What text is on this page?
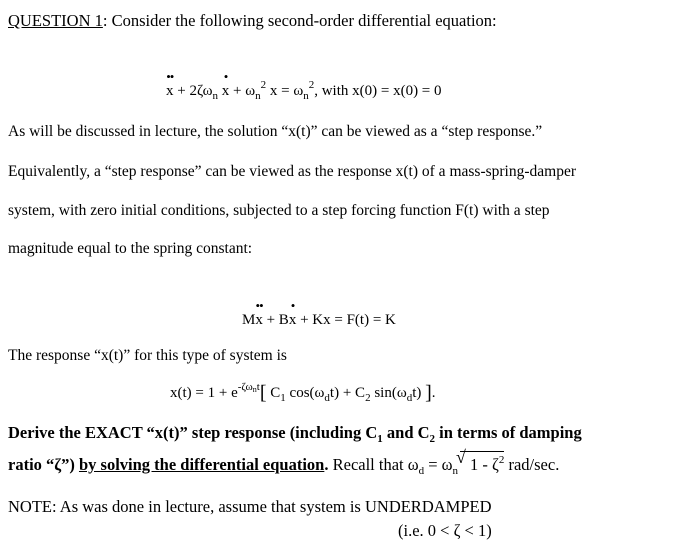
QUESTION 1: Consider the following second-order differential equation:
••
$x + 2\zeta\omega_n$
•
$x + \omega_n^2$ $x = \omega_n^2$, with x(0) = x(0) = 0
As will be discussed in lecture, the solution “x(t)” can be viewed as a “step response.”
Equivalently, a “step response” can be viewed as the response x(t) of a mass-spring-damper
system, with zero initial conditions, subjected to a step forcing function F(t) with a step
magnitude equal to the spring constant:
M
••
x + B
•
x + Kx = F(t) = K
The response “x(t)” for this type of system is
$x(t) = 1 + e^{-\zeta\omega nt}$[ $C_1$ $\cos(\omega_dt) + C_2$ $\sin(\omega_dt)$ ].
Derive the EXACT “x(t)” step response (including $C_1$ and $C_2$ in terms of damping
ratio “ζ”) by solving the differential equation. Recall that $\omega_d = \omega_n√$ $1 - \zeta^2$ rad/sec.
NOTE: As was done in lecture, assume that system is UNDERDAMPED
(i.e. 0 < ζ < 1)
